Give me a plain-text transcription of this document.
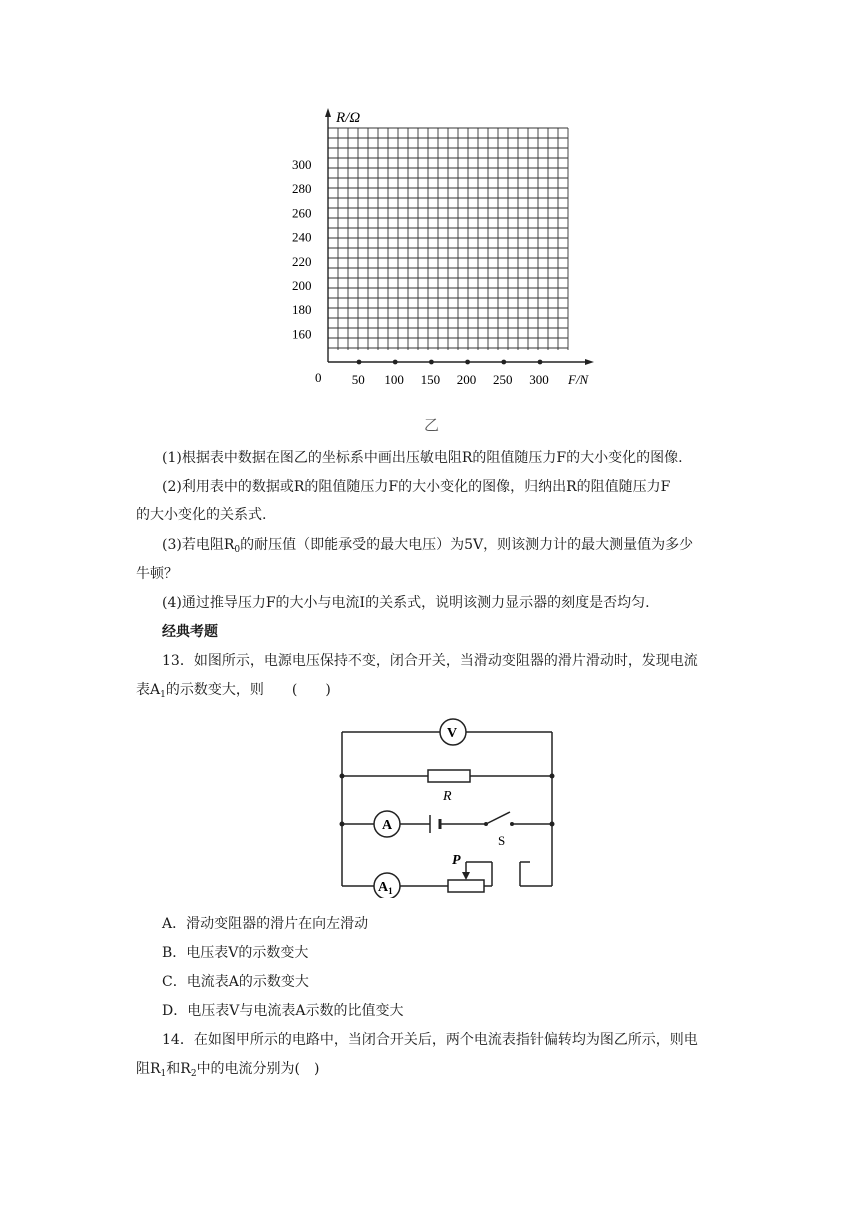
R/Ω
F/N
0
300
280
260
240
220
200
180
160
50 100 150 200 250 300
乙
(1)根据表中数据在图乙的坐标系中画出压敏电阻R的阻值随压力F的大小变化的图像.
(2)利用表中的数据或R的阻值随压力F的大小变化的图像，归纳出R的阻值随压力F
的大小变化的关系式.
(3)若电阻$R_0$的耐压值（即能承受的最大电压）为5V，则该测力计的最大测量值为多少
牛顿？
(4)通过推导压力F的大小与电流I的关系式，说明该测力显示器的刻度是否均匀.
经典考题
13．如图所示，电源电压保持不变，闭合开关，当滑动变阻器的滑片滑动时，发现电流
表$A_1$的示数变大，则　　(　　)
V
R
A
S
$A_1$
P
A．滑动变阻器的滑片在向左滑动
B．电压表V的示数变大
C．电流表A的示数变大
D．电压表V与电流表A示数的比值变大
14．在如图甲所示的电路中，当闭合开关后，两个电流表指针偏转均为图乙所示，则电
阻$R_1$和$R_2$中的电流分别为(　)
